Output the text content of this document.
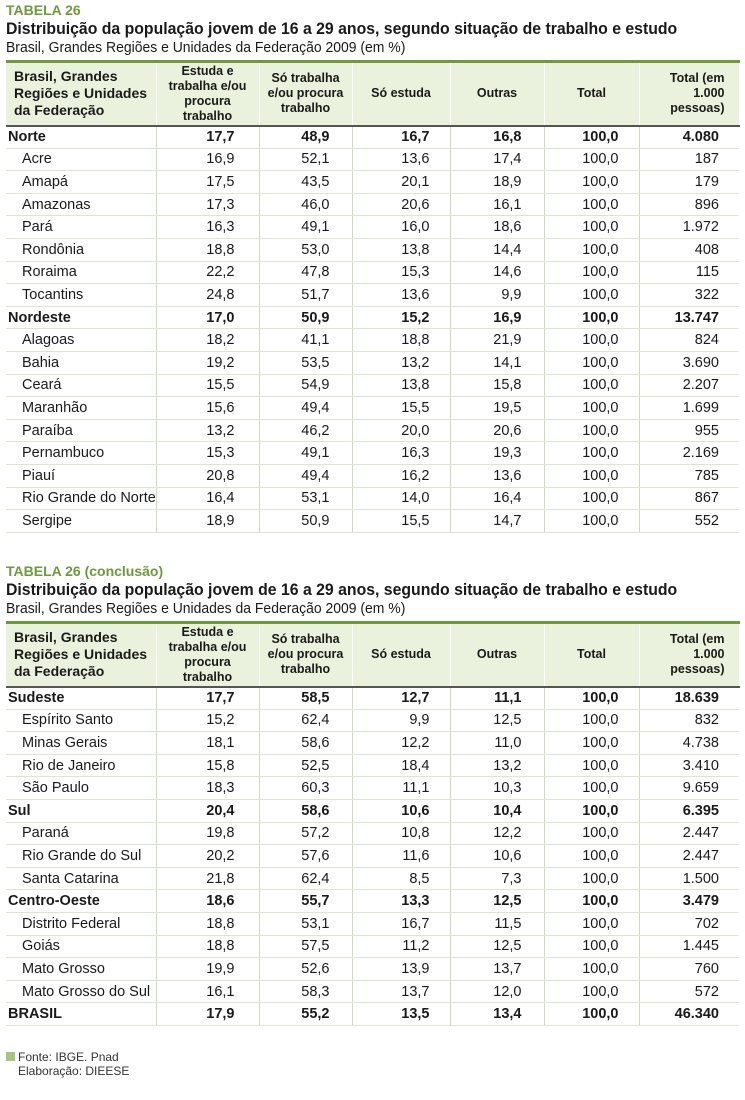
TABELA 26
Distribuição da população jovem de 16 a 29 anos, segundo situação de trabalho e estudo
Brasil, Grandes Regiões e Unidades da Federação 2009 (em %)
Brasil, Grandes Regiões e Unidades da Federação	Estuda e trabalha e/ou procura trabalho	Só trabalha e/ou procura trabalho	Só estuda	Outras	Total	Total (em 1.000 pessoas)
Norte	17,7	48,9	16,7	16,8	100,0	4.080
Acre	16,9	52,1	13,6	17,4	100,0	187
Amapá	17,5	43,5	20,1	18,9	100,0	179
Amazonas	17,3	46,0	20,6	16,1	100,0	896
Pará	16,3	49,1	16,0	18,6	100,0	1.972
Rondônia	18,8	53,0	13,8	14,4	100,0	408
Roraima	22,2	47,8	15,3	14,6	100,0	115
Tocantins	24,8	51,7	13,6	9,9	100,0	322
Nordeste	17,0	50,9	15,2	16,9	100,0	13.747
Alagoas	18,2	41,1	18,8	21,9	100,0	824
Bahia	19,2	53,5	13,2	14,1	100,0	3.690
Ceará	15,5	54,9	13,8	15,8	100,0	2.207
Maranhão	15,6	49,4	15,5	19,5	100,0	1.699
Paraíba	13,2	46,2	20,0	20,6	100,0	955
Pernambuco	15,3	49,1	16,3	19,3	100,0	2.169
Piauí	20,8	49,4	16,2	13,6	100,0	785
Rio Grande do Norte	16,4	53,1	14,0	16,4	100,0	867
Sergipe	18,9	50,9	15,5	14,7	100,0	552
TABELA 26 (conclusão)
Distribuição da população jovem de 16 a 29 anos, segundo situação de trabalho e estudo
Brasil, Grandes Regiões e Unidades da Federação 2009 (em %)
Brasil, Grandes Regiões e Unidades da Federação	Estuda e trabalha e/ou procura trabalho	Só trabalha e/ou procura trabalho	Só estuda	Outras	Total	Total (em 1.000 pessoas)
Sudeste	17,7	58,5	12,7	11,1	100,0	18.639
Espírito Santo	15,2	62,4	9,9	12,5	100,0	832
Minas Gerais	18,1	58,6	12,2	11,0	100,0	4.738
Rio de Janeiro	15,8	52,5	18,4	13,2	100,0	3.410
São Paulo	18,3	60,3	11,1	10,3	100,0	9.659
Sul	20,4	58,6	10,6	10,4	100,0	6.395
Paraná	19,8	57,2	10,8	12,2	100,0	2.447
Rio Grande do Sul	20,2	57,6	11,6	10,6	100,0	2.447
Santa Catarina	21,8	62,4	8,5	7,3	100,0	1.500
Centro-Oeste	18,6	55,7	13,3	12,5	100,0	3.479
Distrito Federal	18,8	53,1	16,7	11,5	100,0	702
Goiás	18,8	57,5	11,2	12,5	100,0	1.445
Mato Grosso	19,9	52,6	13,9	13,7	100,0	760
Mato Grosso do Sul	16,1	58,3	13,7	12,0	100,0	572
BRASIL	17,9	55,2	13,5	13,4	100,0	46.340
Fonte: IBGE. Pnad
Elaboração: DIEESE
